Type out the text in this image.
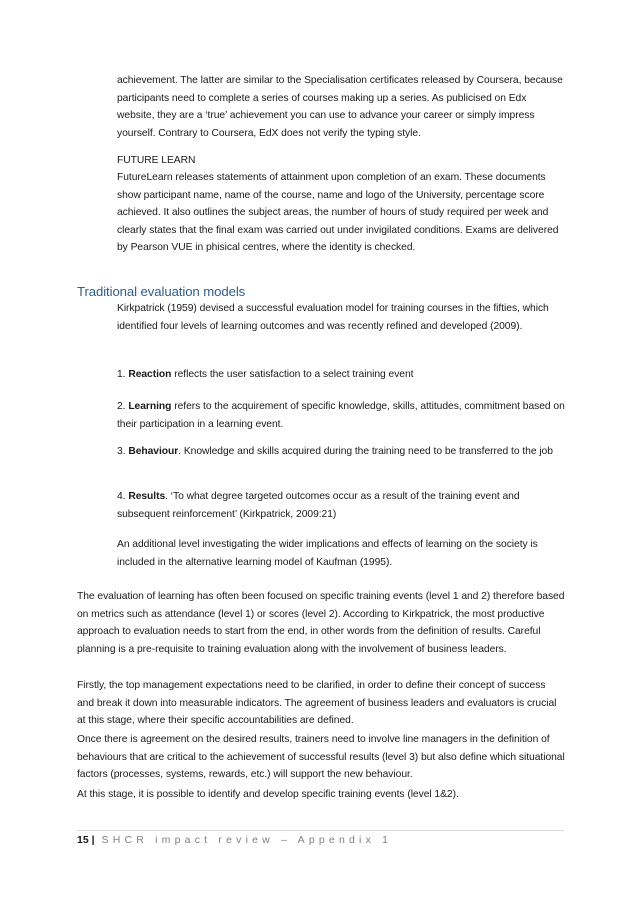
achievement. The latter are similar to the Specialisation certificates released by Coursera, because participants need to complete a series of courses making up a series. As publicised on Edx website, they are a ‘true’ achievement you can use to advance your career or simply impress yourself. Contrary to Coursera, EdX does not verify the typing style.

FUTURE LEARN

FutureLearn releases statements of attainment upon completion of an exam. These documents show participant name, name of the course, name and logo of the University, percentage score achieved. It also outlines the subject areas, the number of hours of study required per week and clearly states that the final exam was carried out under invigilated conditions. Exams are delivered by Pearson VUE in phisical centres, where the identity is checked.

Traditional evaluation models

Kirkpatrick (1959) devised a successful evaluation model for training courses in the fifties, which identified four levels of learning outcomes and was recently refined and developed (2009).

1. Reaction reflects the user satisfaction to a select training event

2. Learning refers to the acquirement of specific knowledge, skills, attitudes, commitment based on their participation in a learning event.

3. Behaviour. Knowledge and skills acquired during the training need to be transferred to the job

4. Results. ‘To what degree targeted outcomes occur as a result of the training event and subsequent reinforcement’ (Kirkpatrick, 2009:21)

An additional level investigating the wider implications and effects of learning on the society is included in the alternative learning model of Kaufman (1995).

The evaluation of learning has often been focused on specific training events (level 1 and 2) therefore based on metrics such as attendance (level 1) or scores (level 2). According to Kirkpatrick, the most productive approach to evaluation needs to start from the end, in other words from the definition of results. Careful planning is a pre-requisite to training evaluation along with the involvement of business leaders.

Firstly, the top management expectations need to be clarified, in order to define their concept of success and break it down into measurable indicators. The agreement of business leaders and evaluators is crucial at this stage, where their specific accountabilities are defined.

Once there is agreement on the desired results, trainers need to involve line managers in the definition of behaviours that are critical to the achievement of successful results (level 3) but also define which situational factors (processes, systems, rewards, etc.) will support the new behaviour.

At this stage, it is possible to identify and develop specific training events (level 1&2).

15 | SHCR impact review – Appendix 1
